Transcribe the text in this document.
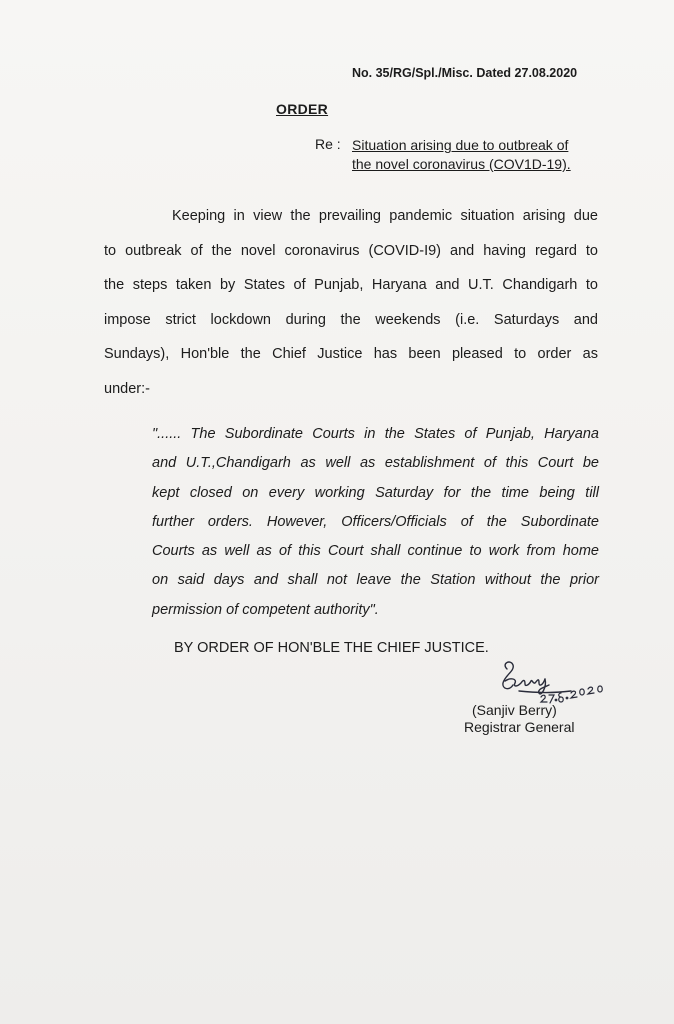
No. 35/RG/Spl./Misc. Dated 27.08.2020
ORDER
Re : Situation arising due to outbreak of
the novel coronavirus (COV1D-19).
Keeping in view the prevailing pandemic situation arising due
to outbreak of the novel coronavirus (COVID-I9) and having regard to
the steps taken by States of Punjab, Haryana and U.T. Chandigarh to
impose strict lockdown during the weekends (i.e. Saturdays and
Sundays), Hon'ble the Chief Justice has been pleased to order as
under:-
"...... The Subordinate Courts in the States of Punjab, Haryana
and U.T.,Chandigarh as well as establishment of this Court be
kept closed on every working Saturday for the time being till
further orders. However, Officers/Officials of the Subordinate
Courts as well as of this Court shall continue to work from home
on said days and shall not leave the Station without the prior
permission of competent authority".
BY ORDER OF HON'BLE THE CHIEF JUSTICE.
(Sanjiv Berry)
Registrar General
